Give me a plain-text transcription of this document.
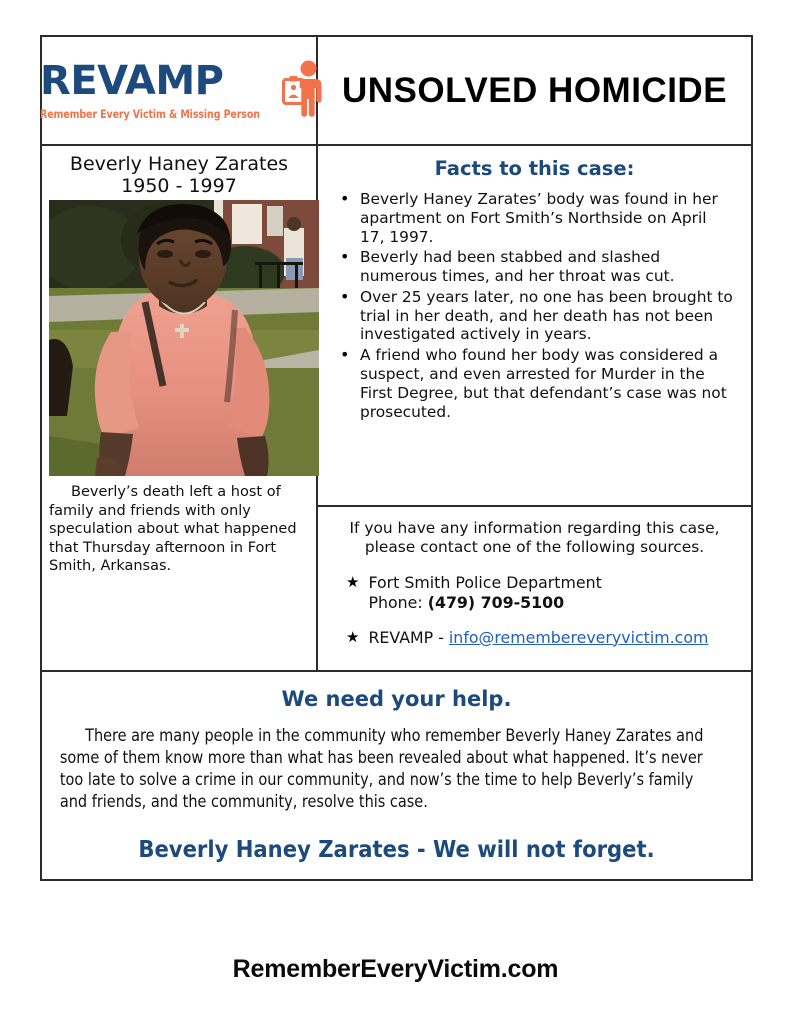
REVAMP
Remember Every Victim & Missing Person
UNSOLVED HOMICIDE
Beverly Haney Zarates
1950 - 1997
Beverly’s death left a host of family and friends with only speculation about what happened that Thursday afternoon in Fort Smith, Arkansas.
Facts to this case:
• Beverly Haney Zarates’ body was found in her apartment on Fort Smith’s Northside on April 17, 1997.
• Beverly had been stabbed and slashed numerous times, and her throat was cut.
• Over 25 years later, no one has been brought to trial in her death, and her death has not been investigated actively in years.
• A friend who found her body was considered a suspect, and even arrested for Murder in the First Degree, but that defendant’s case was not prosecuted.
If you have any information regarding this case, please contact one of the following sources.
★ Fort Smith Police Department
Phone: (479) 709-5100
★ REVAMP - info@remembereveryvictim.com
We need your help.
There are many people in the community who remember Beverly Haney Zarates and some of them know more than what has been revealed about what happened. It’s never too late to solve a crime in our community, and now’s the time to help Beverly’s family and friends, and the community, resolve this case.
Beverly Haney Zarates - We will not forget.
RememberEveryVictim.com
